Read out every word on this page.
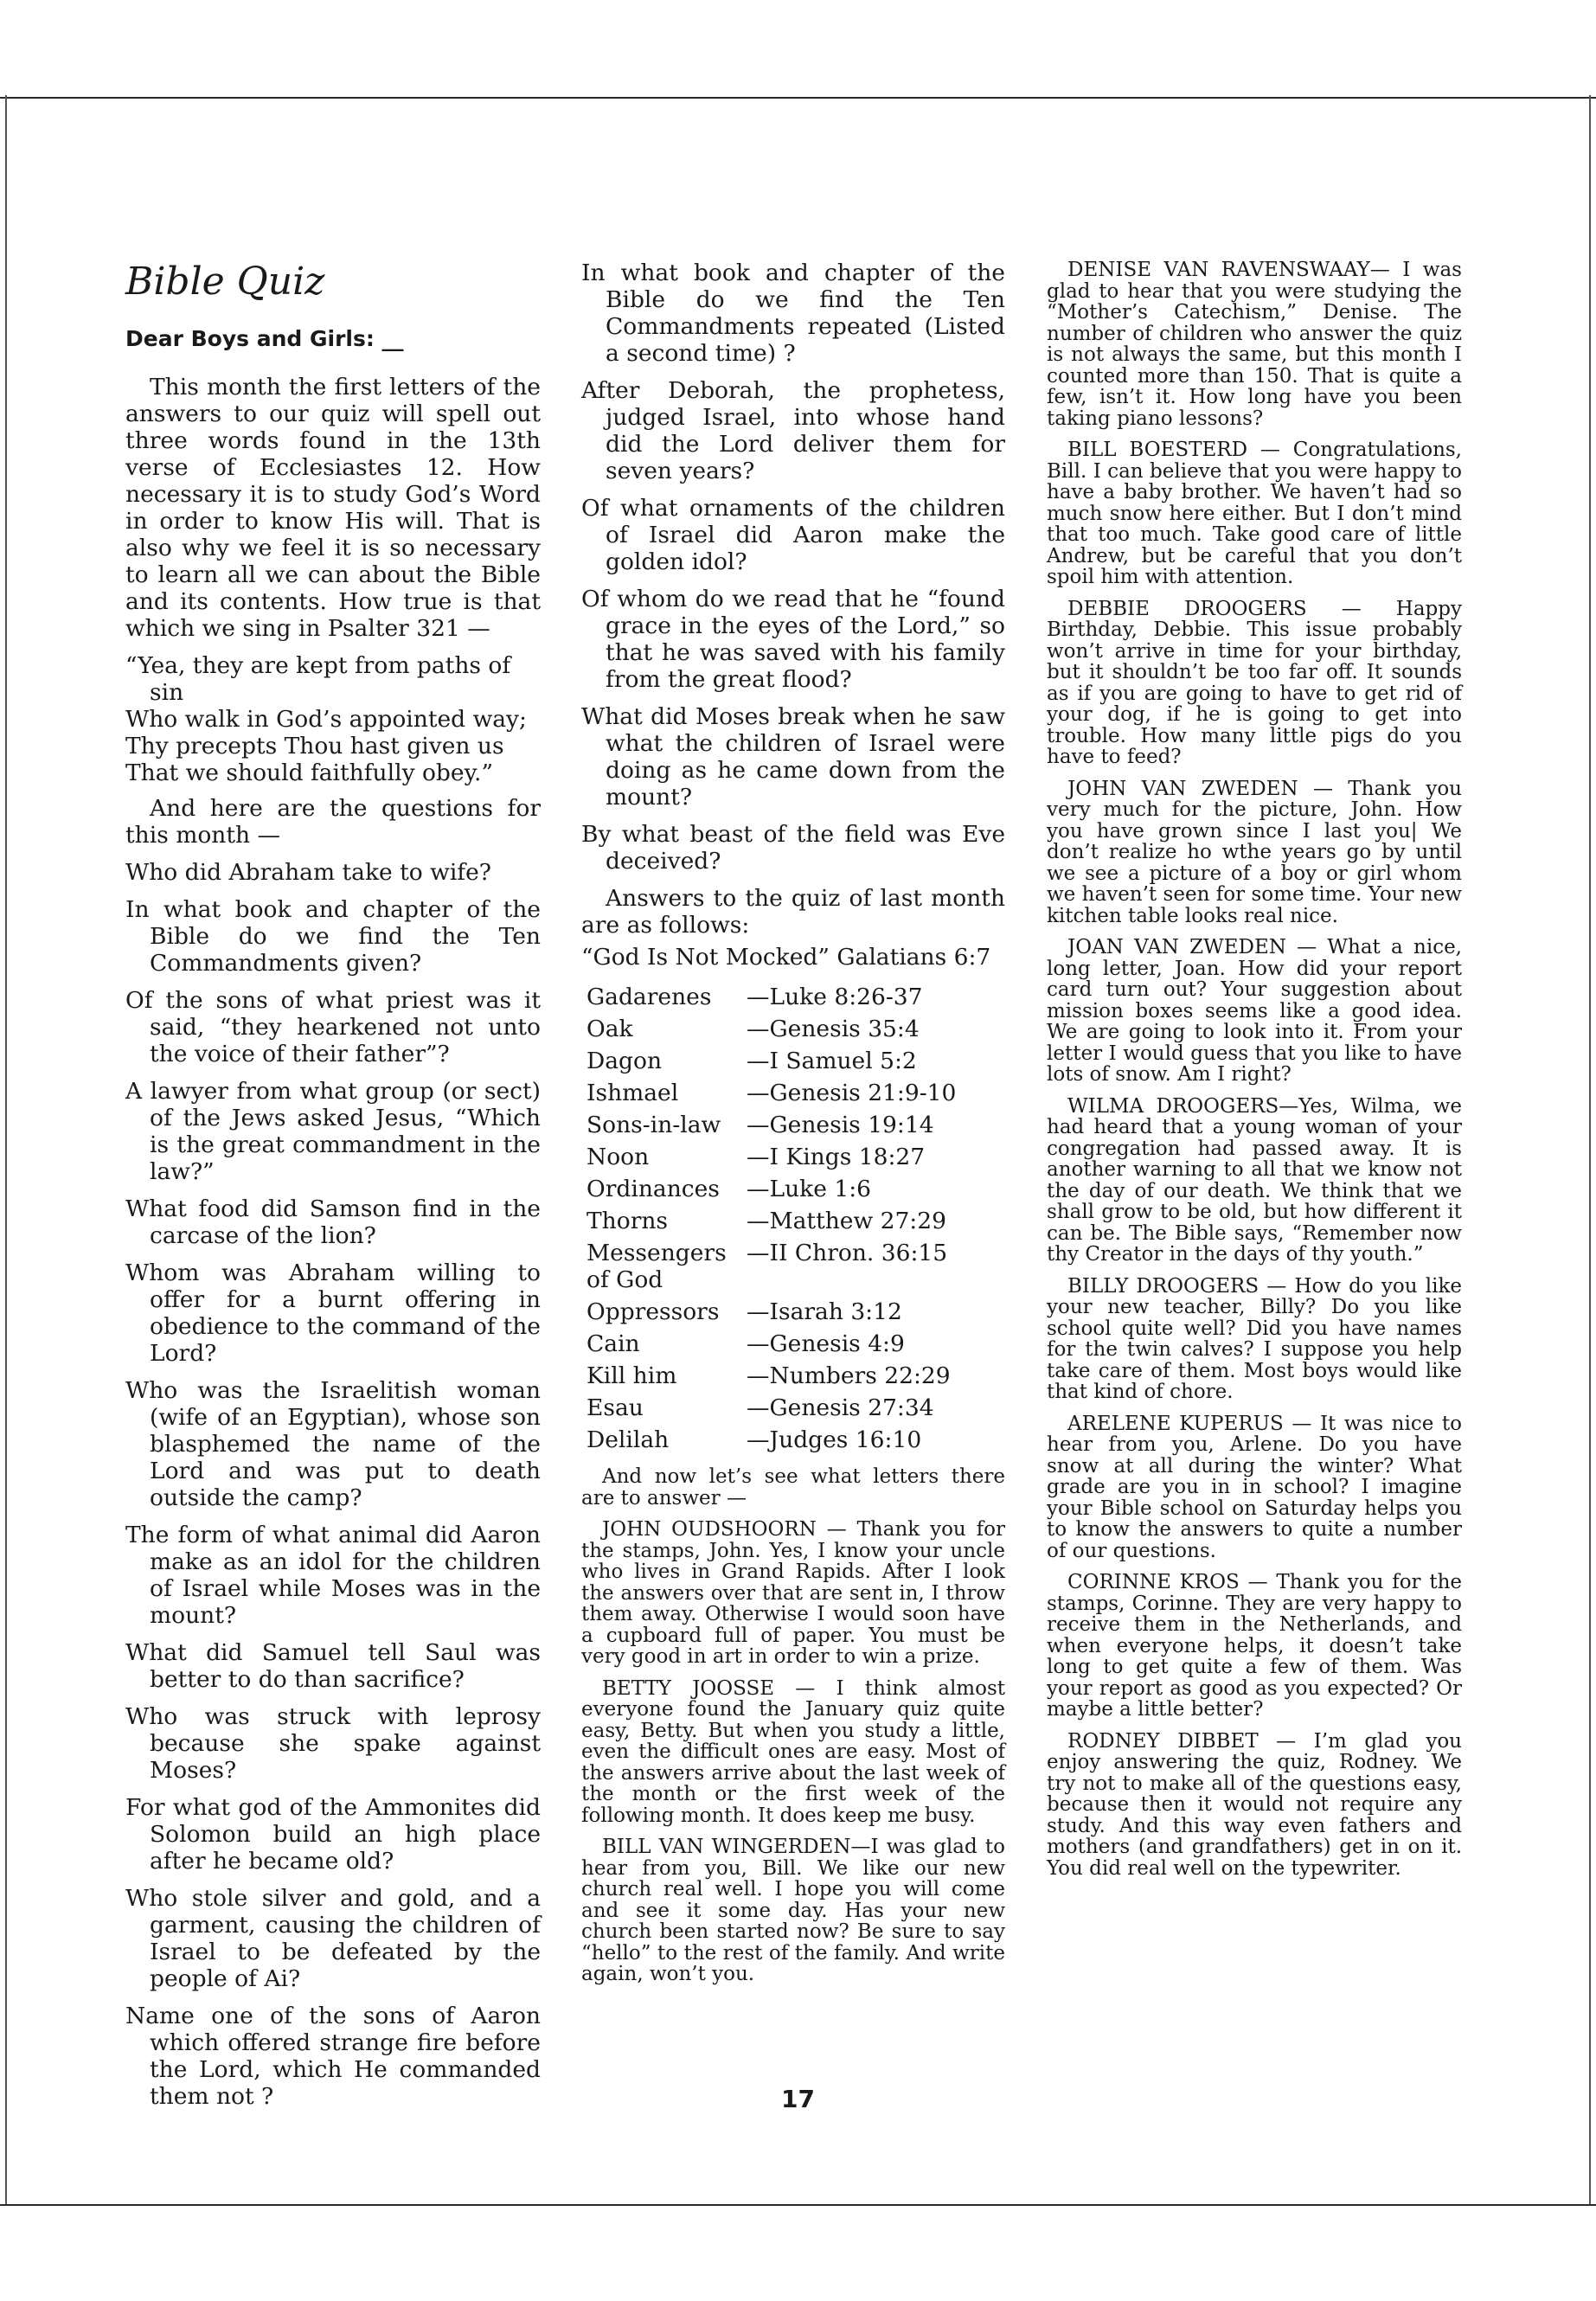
Bible Quiz

Dear Boys and Girls: __

This month the first letters of the answers to our quiz will spell out three words found in the 13th verse of Ecclesiastes 12. How necessary it is to study God’s Word in order to know His will. That is also why we feel it is so necessary to learn all we can about the Bible and its contents. How true is that which we sing in Psalter 321 —

“Yea, they are kept from paths of sin
Who walk in God’s appointed way;
Thy precepts Thou hast given us
That we should faithfully obey.”

And here are the questions for this month —

Who did Abraham take to wife?

In what book and chapter of the Bible do we find the Ten Commandments given?

Of the sons of what priest was it said, “they hearkened not unto the voice of their father”?

A lawyer from what group (or sect) of the Jews asked Jesus, “Which is the great commandment in the law?”

What food did Samson find in the carcase of the lion?

Whom was Abraham willing to offer for a burnt offering in obedience to the command of the Lord?

Who was the Israelitish woman (wife of an Egyptian), whose son blasphemed the name of the Lord and was put to death outside the camp?

The form of what animal did Aaron make as an idol for the children of Israel while Moses was in the mount?

What did Samuel tell Saul was better to do than sacrifice?

Who was struck with leprosy because she spake against Moses?

For what god of the Ammonites did Solomon build an high place after he became old?

Who stole silver and gold, and a garment, causing the children of Israel to be defeated by the people of Ai?

Name one of the sons of Aaron which offered strange fire before the Lord, which He commanded them not ?

In what book and chapter of the Bible do we find the Ten Commandments repeated (Listed a second time) ?

After Deborah, the prophetess, judged Israel, into whose hand did the Lord deliver them for seven years?

Of what ornaments of the children of Israel did Aaron make the golden idol?

Of whom do we read that he “found grace in the eyes of the Lord,” so that he was saved with his family from the great flood?

What did Moses break when he saw what the children of Israel were doing as he came down from the mount?

By what beast of the field was Eve deceived?

Answers to the quiz of last month are as follows:

“God Is Not Mocked” Galatians 6:7

Gadarenes	—Luke 8:26-37
Oak	—Genesis 35:4
Dagon	—I Samuel 5:2
Ishmael	—Genesis 21:9-10
Sons-in-law	—Genesis 19:14
Noon	—I Kings 18:27
Ordinances	—Luke 1:6
Thorns	—Matthew 27:29
Messengers of God	—II Chron. 36:15
Oppressors	—Isarah 3:12
Cain	—Genesis 4:9
Kill him	—Numbers 22:29
Esau	—Genesis 27:34
Delilah	—Judges 16:10

And now let’s see what letters there are to answer —

JOHN OUDSHOORN — Thank you for the stamps, John. Yes, I know your uncle who lives in Grand Rapids. After I look the answers over that are sent in, I throw them away. Otherwise I would soon have a cupboard full of paper. You must be very good in art in order to win a prize.

BETTY JOOSSE — I think almost everyone found the January quiz quite easy, Betty. But when you study a little, even the difficult ones are easy. Most of the answers arrive about the last week of the month or the first week of the following month. It does keep me busy.

BILL VAN WINGERDEN—I was glad to hear from you, Bill. We like our new church real well. I hope you will come and see it some day. Has your new church been started now? Be sure to say “hello” to the rest of the family. And write again, won’t you.

DENISE VAN RAVENSWAAY— I was glad to hear that you were studying the “Mother’s Catechism,” Denise. The number of children who answer the quiz is not always the same, but this month I counted more than 150. That is quite a few, isn’t it. How long have you been taking piano lessons?

BILL BOESTERD — Congratulations, Bill. I can believe that you were happy to have a baby brother. We haven’t had so much snow here either. But I don’t mind that too much. Take good care of little Andrew, but be careful that you don’t spoil him with attention.

DEBBIE DROOGERS — Happy Birthday, Debbie. This issue probably won’t arrive in time for your birthday, but it shouldn’t be too far off. It sounds as if you are going to have to get rid of your dog, if he is going to get into trouble. How many little pigs do you have to feed?

JOHN VAN ZWEDEN — Thank you very much for the picture, John. How you have grown since I last you| We don’t realize ho wthe years go by until we see a picture of a boy or girl whom we haven’t seen for some time. Your new kitchen table looks real nice.

JOAN VAN ZWEDEN — What a nice, long letter, Joan. How did your report card turn out? Your suggestion about mission boxes seems like a good idea. We are going to look into it. From your letter I would guess that you like to have lots of snow. Am I right?

WILMA DROOGERS—Yes, Wilma, we had heard that a young woman of your congregation had passed away. It is another warning to all that we know not the day of our death. We think that we shall grow to be old, but how different it can be. The Bible says, “Remember now thy Creator in the days of thy youth.”

BILLY DROOGERS — How do you like your new teacher, Billy? Do you like school quite well? Did you have names for the twin calves? I suppose you help take care of them. Most boys would like that kind of chore.

ARELENE KUPERUS — It was nice to hear from you, Arlene. Do you have snow at all during the winter? What grade are you in in school? I imagine your Bible school on Saturday helps you to know the answers to quite a number of our questions.

CORINNE KROS — Thank you for the stamps, Corinne. They are very happy to receive them in the Netherlands, and when everyone helps, it doesn’t take long to get quite a few of them. Was your report as good as you expected? Or maybe a little better?

RODNEY DIBBET — I’m glad you enjoy answering the quiz, Rodney. We try not to make all of the questions easy, because then it would not require any study. And this way even fathers and mothers (and grandfathers) get in on it. You did real well on the typewriter.

17
